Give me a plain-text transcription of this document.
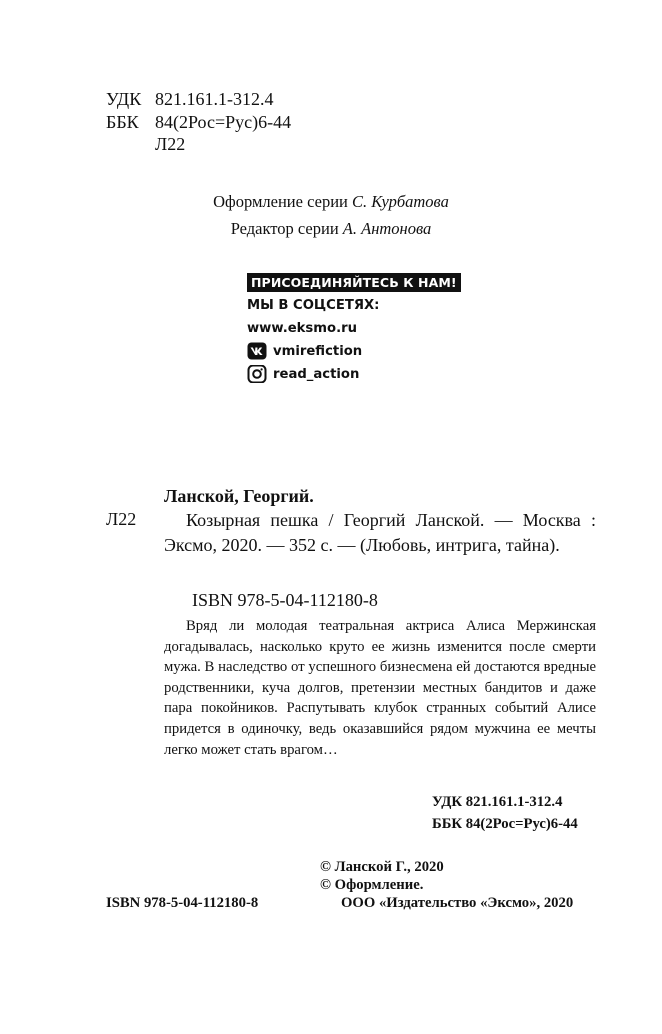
УДК 821.161.1-312.4
ББК 84(2Рос=Рус)6-44
Л22
Оформление серии С. Курбатова
Редактор серии А. Антонова
ПРИСОЕДИНЯЙТЕСЬ К НАМ!
МЫ В СОЦСЕТЯХ:
www.eksmo.ru
vmirefiction
read_action
Ланской, Георгий.
Л22	Козырная пешка / Георгий Ланской. — Москва : Эксмо, 2020. — 352 с. — (Любовь, интрига, тайна).
ISBN 978-5-04-112180-8
Вряд ли молодая театральная актриса Алиса Мержинская догадывалась, насколько круто ее жизнь изменится после смерти мужа. В наследство от успешного бизнесмена ей достаются вредные родственники, куча долгов, претензии местных бандитов и даже пара покойников. Распутывать клубок странных событий Алисе придется в одиночку, ведь оказавшийся рядом мужчина ее мечты легко может стать врагом…
УДК 821.161.1-312.4
ББК 84(2Рос=Рус)6-44
© Ланской Г., 2020
© Оформление.
ООО «Издательство «Эксмо», 2020
ISBN 978-5-04-112180-8
